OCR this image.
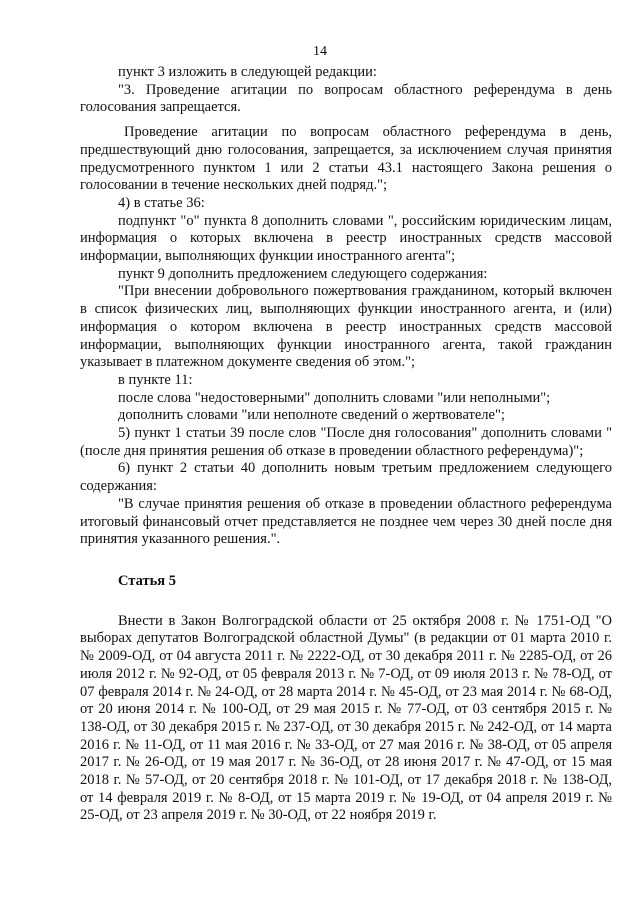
14

пункт 3 изложить в следующей редакции:

"3. Проведение агитации по вопросам областного референдума в день голосования запрещается.

Проведение агитации по вопросам областного референдума в день, предшествующий дню голосования, запрещается, за исключением случая принятия предусмотренного пунктом 1 или 2 статьи 43.1 настоящего Закона решения о голосовании в течение нескольких дней подряд.";

4) в статье 36:

подпункт "о" пункта 8 дополнить словами ", российским юридическим лицам, информация о которых включена в реестр иностранных средств массовой информации, выполняющих функции иностранного агента";

пункт 9 дополнить предложением следующего содержания:

"При внесении добровольного пожертвования гражданином, который включен в список физических лиц, выполняющих функции иностранного агента, и (или) информация о котором включена в реестр иностранных средств массовой информации, выполняющих функции иностранного агента, такой гражданин указывает в платежном документе сведения об этом.";

в пункте 11:

после слова "недостоверными" дополнить словами "или неполными";

дополнить словами "или неполноте сведений о жертвователе";

5) пункт 1 статьи 39 после слов "После дня голосования" дополнить словами "(после дня принятия решения об отказе в проведении областного референдума)";

6) пункт 2 статьи 40 дополнить новым третьим предложением следующего содержания:

"В случае принятия решения об отказе в проведении областного референдума итоговый финансовый отчет представляется не позднее чем через 30 дней после дня принятия указанного решения.".

Статья 5

Внести в Закон Волгоградской области от 25 октября 2008 г. № 1751-ОД "О выборах депутатов Волгоградской областной Думы" (в редакции от 01 марта 2010 г. № 2009-ОД, от 04 августа 2011 г. № 2222-ОД, от 30 декабря 2011 г. № 2285-ОД, от 26 июля 2012 г. № 92-ОД, от 05 февраля 2013 г. № 7-ОД, от 09 июля 2013 г. № 78-ОД, от 07 февраля 2014 г. № 24-ОД, от 28 марта 2014 г. № 45-ОД, от 23 мая 2014 г. № 68-ОД, от 20 июня 2014 г. № 100-ОД, от 29 мая 2015 г. № 77-ОД, от 03 сентября 2015 г. № 138-ОД, от 30 декабря 2015 г. № 237-ОД, от 30 декабря 2015 г. № 242-ОД, от 14 марта 2016 г. № 11-ОД, от 11 мая 2016 г. № 33-ОД, от 27 мая 2016 г. № 38-ОД, от 05 апреля 2017 г. № 26-ОД, от 19 мая 2017 г. № 36-ОД, от 28 июня 2017 г. № 47-ОД, от 15 мая 2018 г. № 57-ОД, от 20 сентября 2018 г. № 101-ОД, от 17 декабря 2018 г. № 138-ОД, от 14 февраля 2019 г. № 8-ОД, от 15 марта 2019 г. № 19-ОД, от 04 апреля 2019 г. № 25-ОД, от 23 апреля 2019 г. № 30-ОД, от 22 ноября 2019 г.
